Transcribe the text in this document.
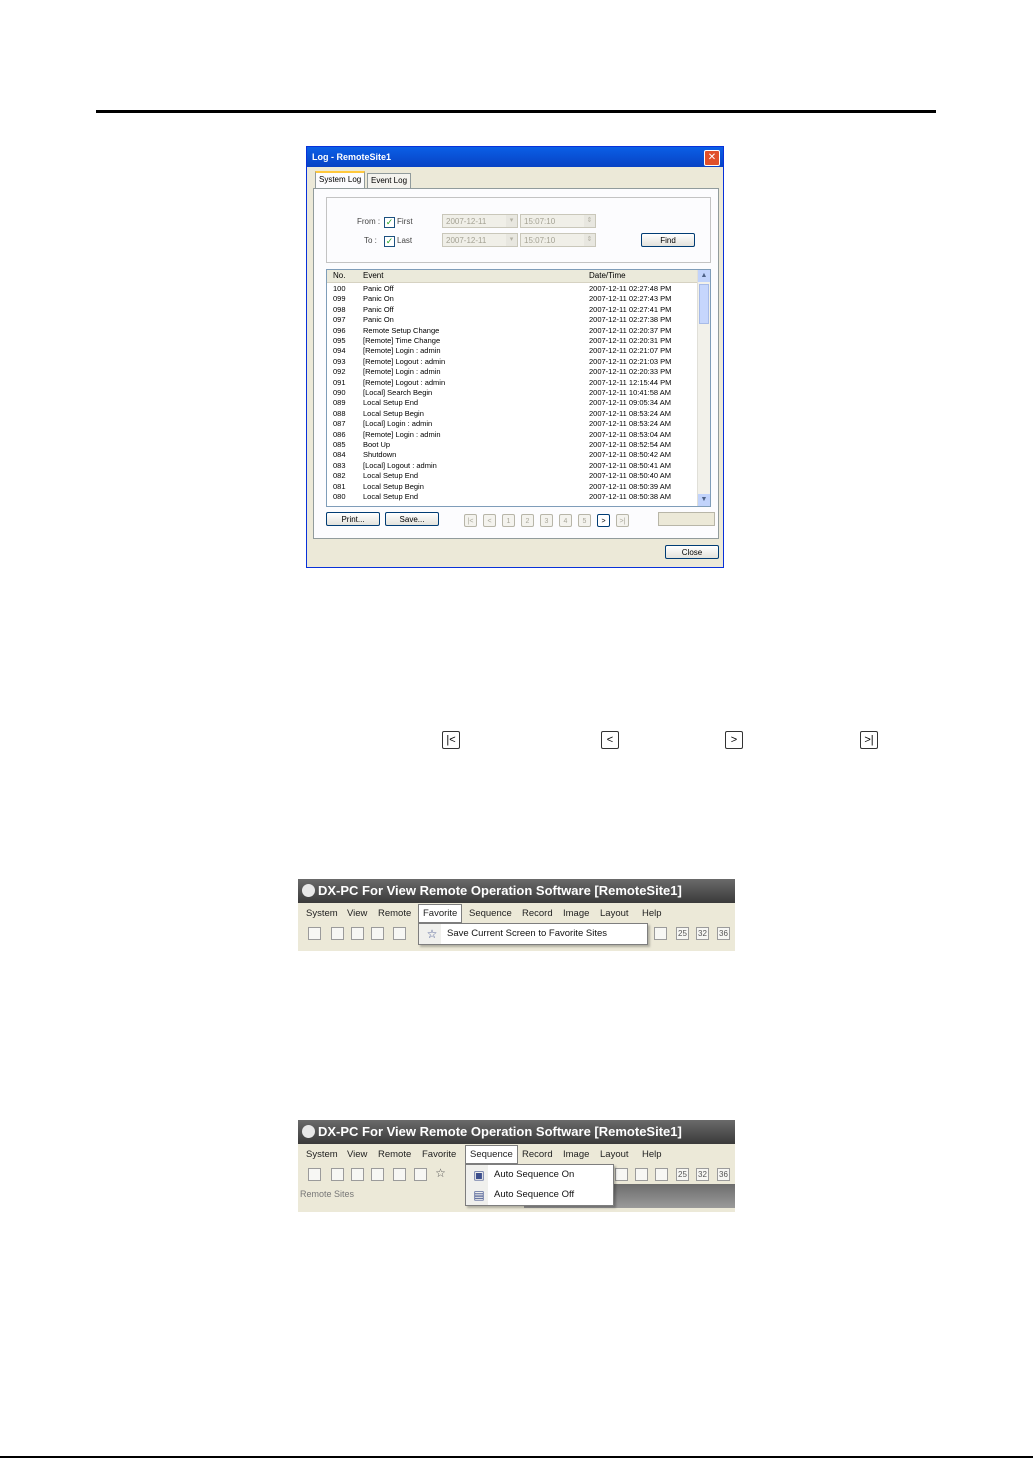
Log - RemoteSite1	✕
System Log	Event Log
From : ✓ First	2007-12-11	▾	15:07:10	⇕
To : ✓ Last	2007-12-11	▾	15:07:10	⇕	Find
No. Event	Date/Time
100 Panic Off	2007-12-11 02:27:48 PM
099 Panic On	2007-12-11 02:27:43 PM
098 Panic Off	2007-12-11 02:27:41 PM
097 Panic On	2007-12-11 02:27:38 PM
096 Remote Setup Change	2007-12-11 02:20:37 PM
095 [Remote] Time Change	2007-12-11 02:20:31 PM
094 [Remote] Login : admin	2007-12-11 02:21:07 PM
093 [Remote] Logout : admin	2007-12-11 02:21:03 PM
092 [Remote] Login : admin	2007-12-11 02:20:33 PM
091 [Remote] Logout : admin	2007-12-11 12:15:44 PM
090 [Local] Search Begin	2007-12-11 10:41:58 AM
089 Local Setup End	2007-12-11 09:05:34 AM
088 Local Setup Begin	2007-12-11 08:53:24 AM
087 [Local] Login : admin	2007-12-11 08:53:24 AM
086 [Remote] Login : admin	2007-12-11 08:53:04 AM
085 Boot Up	2007-12-11 08:52:54 AM
084 Shutdown	2007-12-11 08:50:42 AM
083 [Local] Logout : admin	2007-12-11 08:50:41 AM
082 Local Setup End	2007-12-11 08:50:40 AM
081 Local Setup Begin	2007-12-11 08:50:39 AM
080 Local Setup End	2007-12-11 08:50:38 AM
▲
▼
Print...	Save...	|<	<	1	2	3	4	5	>	>|
Close
|<	<	>	>|
DX-PC For View Remote Operation Software [RemoteSite1]
System View Remote	Favorite	Sequence Record Image Layout Help
25 32 36
☆ Save Current Screen to Favorite Sites
DX-PC For View Remote Operation Software [RemoteSite1]
System View Remote Favorite	Sequence Record Image Layout Help
☆	25 32 36
Remote Sites
▣ Auto Sequence On
▤ Auto Sequence Off
